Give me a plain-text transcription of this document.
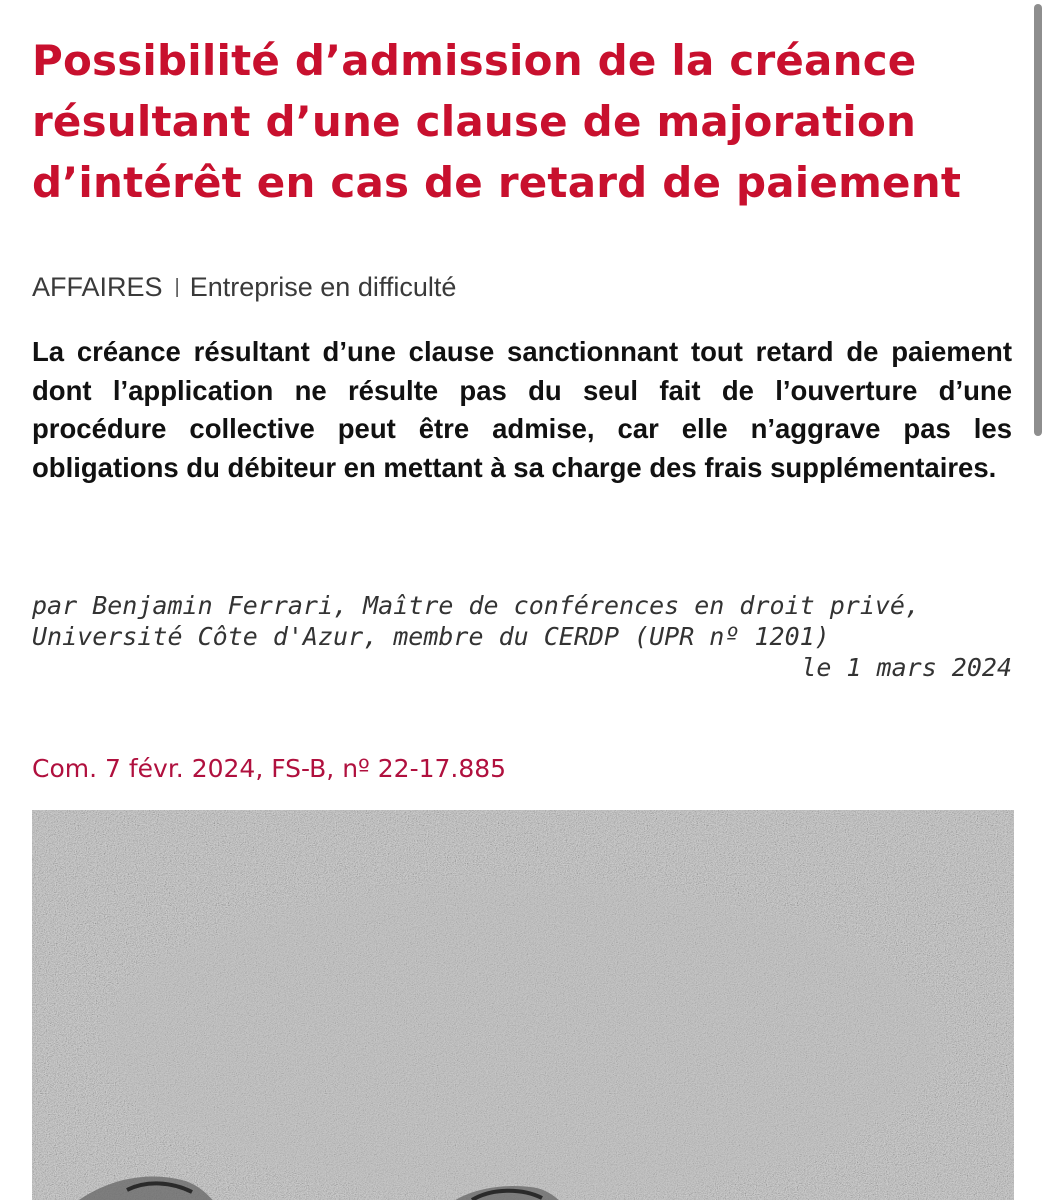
Possibilité d’admission de la créance
résultant d’une clause de majoration
d’intérêt en cas de retard de paiement
AFFAIRES | Entreprise en difficulté

La créance résultant d’une clause sanctionnant tout retard de paiement dont l’application ne résulte pas du seul fait de l’ouverture d’une procédure collective peut être admise, car elle n’aggrave pas les obligations du débiteur en mettant à sa charge des frais supplémentaires.

par Benjamin Ferrari, Maître de conférences en droit privé,
Université Côte d'Azur, membre du CERDP (UPR nº 1201)
le 1 mars 2024
Com. 7 févr. 2024, FS-B, nº 22-17.885
